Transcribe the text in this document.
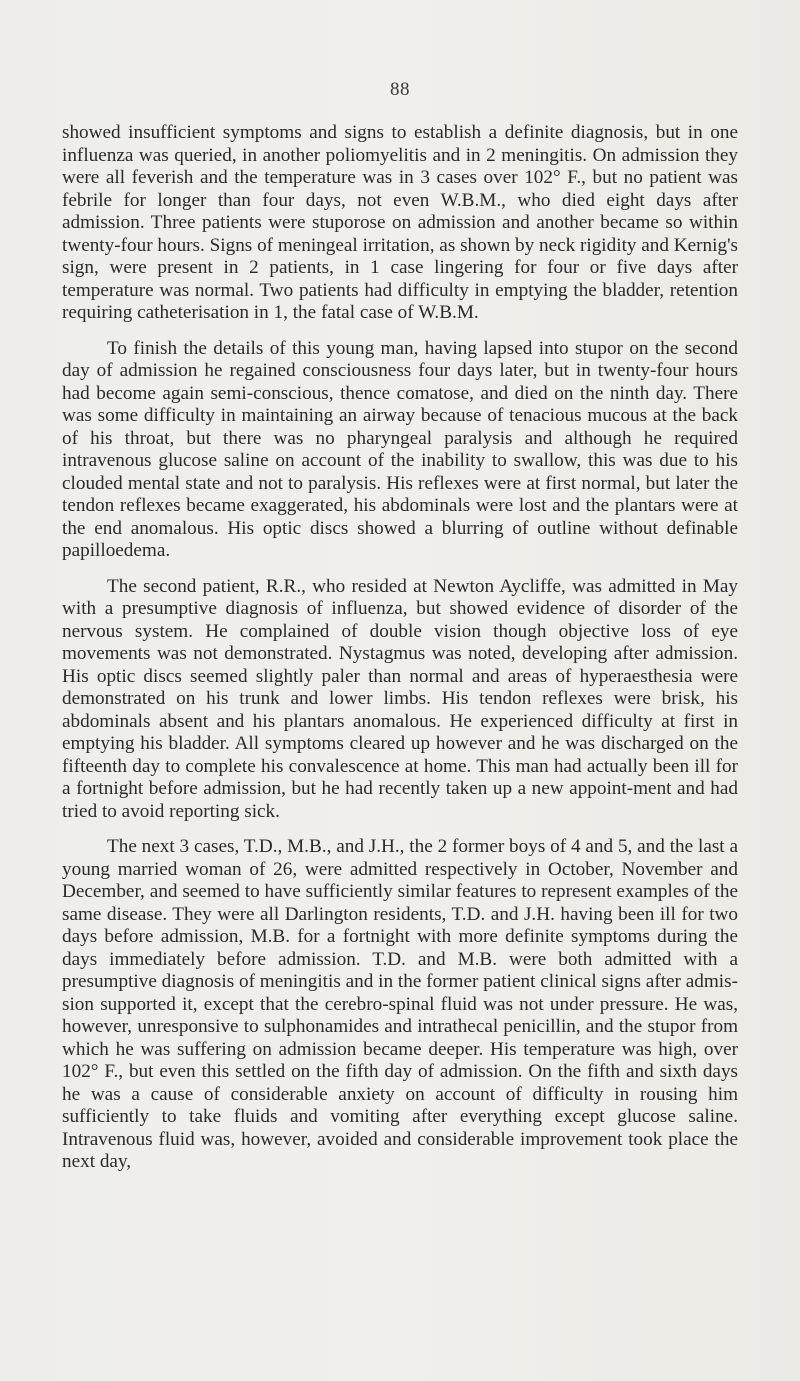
88

showed insufficient symptoms and signs to establish a definite diagnosis, but in one influenza was queried, in another poliomyelitis and in 2 meningitis. On admission they were all feverish and the temperature was in 3 cases over 102° F., but no patient was febrile for longer than four days, not even W.B.M., who died eight days after admission. Three patients were stuporose on admission and another became so within twenty-four hours. Signs of meningeal irritation, as shown by neck rigidity and Kernig's sign, were present in 2 patients, in 1 case lingering for four or five days after temperature was normal. Two patients had difficulty in emptying the bladder, retention requiring catheterisation in 1, the fatal case of W.B.M.

To finish the details of this young man, having lapsed into stupor on the second day of admission he regained consciousness four days later, but in twenty-four hours had become again semi-conscious, thence comatose, and died on the ninth day. There was some difficulty in maintaining an airway because of tenacious mucous at the back of his throat, but there was no pharyngeal paralysis and although he required intravenous glucose saline on account of the inability to swallow, this was due to his clouded mental state and not to paralysis. His reflexes were at first normal, but later the tendon reflexes became exaggerated, his abdominals were lost and the plantars were at the end anomalous. His optic discs showed a blurring of outline without definable papilloedema.

The second patient, R.R., who resided at Newton Aycliffe, was admitted in May with a presumptive diagnosis of influenza, but showed evidence of disorder of the nervous system. He complained of double vision though objective loss of eye movements was not demonstrated. Nystagmus was noted, developing after admission. His optic discs seemed slightly paler than normal and areas of hyperaesthesia were demonstrated on his trunk and lower limbs. His tendon reflexes were brisk, his abdominals absent and his plantars anomalous. He experienced difficulty at first in emptying his bladder. All symptoms cleared up however and he was discharged on the fifteenth day to complete his convalescence at home. This man had actually been ill for a fortnight before admission, but he had recently taken up a new appoint-ment and had tried to avoid reporting sick.

The next 3 cases, T.D., M.B., and J.H., the 2 former boys of 4 and 5, and the last a young married woman of 26, were admitted respectively in October, November and December, and seemed to have sufficiently similar features to represent examples of the same disease. They were all Darlington residents, T.D. and J.H. having been ill for two days before admission, M.B. for a fortnight with more definite symptoms during the days immediately before admission. T.D. and M.B. were both admitted with a presumptive diagnosis of meningitis and in the former patient clinical signs after admis-sion supported it, except that the cerebro-spinal fluid was not under pressure. He was, however, unresponsive to sulphonamides and intrathecal penicillin, and the stupor from which he was suffering on admission became deeper. His temperature was high, over 102° F., but even this settled on the fifth day of admission. On the fifth and sixth days he was a cause of considerable anxiety on account of difficulty in rousing him sufficiently to take fluids and vomiting after everything except glucose saline. Intravenous fluid was, however, avoided and considerable improvement took place the next day,
